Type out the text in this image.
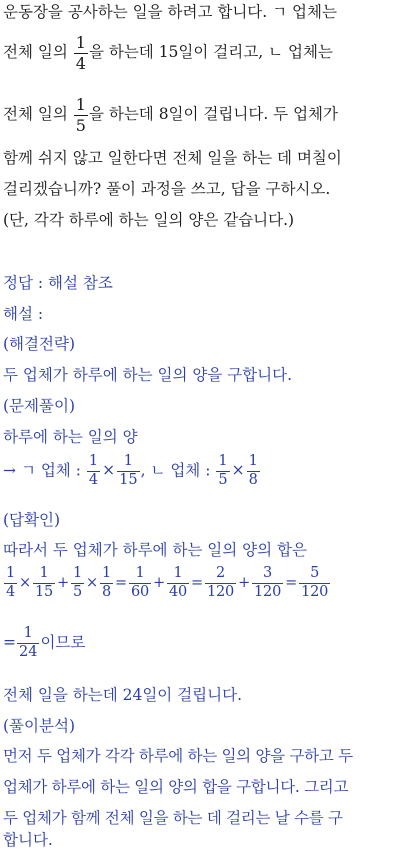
운동장을 공사하는 일을 하려고 합니다. ㄱ 업체는
전체 일의 $\frac{1}{4}$ 을 하는데 15일이 걸리고, ㄴ 업체는
전체 일의 $\frac{1}{5}$ 을 하는데 8일이 걸립니다. 두 업체가
함께 쉬지 않고 일한다면 전체 일을 하는 데 며칠이
걸리겠습니까? 풀이 과정을 쓰고, 답을 구하시오.
(단, 각각 하루에 하는 일의 양은 같습니다.)
정답 : 해설 참조
해설 :
(해결전략)
두 업체가 하루에 하는 일의 양을 구합니다.
(문제풀이)
하루에 하는 일의 양
→ ㄱ 업체 : $\frac{1}{4} \times \frac{1}{15}$ , ㄴ 업체 : $\frac{1}{5} \times \frac{1}{8}$
(답확인)
따라서 두 업체가 하루에 하는 일의 양의 합은
$\frac{1}{4} \times \frac{1}{15} + \frac{1}{5} \times \frac{1}{8} = \frac{1}{60} + \frac{1}{40} = \frac{2}{120} + \frac{3}{120} = \frac{5}{120}$
= $\frac{1}{24}$ 이므로
전체 일을 하는데 24일이 걸립니다.
(풀이분석)
먼저 두 업체가 각각 하루에 하는 일의 양을 구하고 두
업체가 하루에 하는 일의 양의 합을 구합니다. 그리고
두 업체가 함께 전체 일을 하는 데 걸리는 날 수를 구
합니다.
